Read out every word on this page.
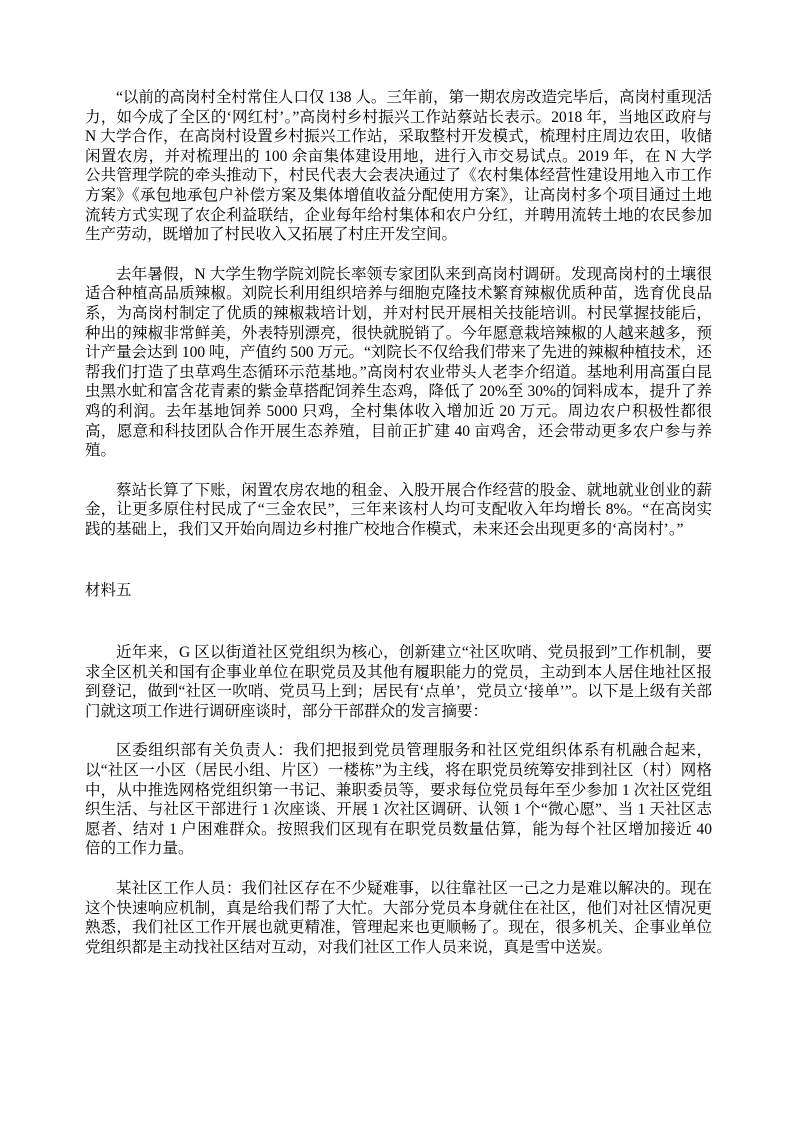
“以前的高岗村全村常住人口仅 138 人。三年前，第一期农房改造完毕后，高岗村重现活力，如今成了全区的‘网红村’。”高岗村乡村振兴工作站蔡站长表示。2018 年，当地区政府与 N 大学合作，在高岗村设置乡村振兴工作站，采取整村开发模式，梳理村庄周边农田，收储闲置农房，并对梳理出的 100 余亩集体建设用地，进行入市交易试点。2019 年，在 N 大学公共管理学院的牵头推动下，村民代表大会表决通过了《农村集体经营性建设用地入市工作方案》《承包地承包户补偿方案及集体增值收益分配使用方案》，让高岗村多个项目通过土地流转方式实现了农企利益联结，企业每年给村集体和农户分红，并聘用流转土地的农民参加生产劳动，既增加了村民收入又拓展了村庄开发空间。

去年暑假，N 大学生物学院刘院长率领专家团队来到高岗村调研。发现高岗村的土壤很适合种植高品质辣椒。刘院长利用组织培养与细胞克隆技术繁育辣椒优质种苗，选育优良品系，为高岗村制定了优质的辣椒栽培计划，并对村民开展相关技能培训。村民掌握技能后，种出的辣椒非常鲜美，外表特别漂亮，很快就脱销了。今年愿意栽培辣椒的人越来越多，预计产量会达到 100 吨，产值约 500 万元。“刘院长不仅给我们带来了先进的辣椒种植技术，还帮我们打造了虫草鸡生态循环示范基地。”高岗村农业带头人老李介绍道。基地利用高蛋白昆虫黑水虻和富含花青素的紫金草搭配饲养生态鸡，降低了 20%至 30%的饲料成本，提升了养鸡的利润。去年基地饲养 5000 只鸡，全村集体收入增加近 20 万元。周边农户积极性都很高，愿意和科技团队合作开展生态养殖，目前正扩建 40 亩鸡舍，还会带动更多农户参与养殖。

蔡站长算了下账，闲置农房农地的租金、入股开展合作经营的股金、就地就业创业的薪金，让更多原住村民成了“三金农民”，三年来该村人均可支配收入年均增长 8%。“在高岗实践的基础上，我们又开始向周边乡村推广校地合作模式，未来还会出现更多的‘高岗村’。”

材料五

近年来，G 区以街道社区党组织为核心，创新建立“社区吹哨、党员报到”工作机制，要求全区机关和国有企事业单位在职党员及其他有履职能力的党员，主动到本人居住地社区报到登记，做到“社区一吹哨、党员马上到；居民有‘点单’，党员立‘接单’”。以下是上级有关部门就这项工作进行调研座谈时，部分干部群众的发言摘要：

区委组织部有关负责人：我们把报到党员管理服务和社区党组织体系有机融合起来，以“社区一小区（居民小组、片区）一楼栋”为主线，将在职党员统筹安排到社区（村）网格中，从中推选网格党组织第一书记、兼职委员等，要求每位党员每年至少参加 1 次社区党组织生活、与社区干部进行 1 次座谈、开展 1 次社区调研、认领 1 个“微心愿”、当 1 天社区志愿者、结对 1 户困难群众。按照我们区现有在职党员数量估算，能为每个社区增加接近 40 倍的工作力量。

某社区工作人员：我们社区存在不少疑难事，以往靠社区一己之力是难以解决的。现在这个快速响应机制，真是给我们帮了大忙。大部分党员本身就住在社区，他们对社区情况更熟悉，我们社区工作开展也就更精准，管理起来也更顺畅了。现在，很多机关、企事业单位党组织都是主动找社区结对互动，对我们社区工作人员来说，真是雪中送炭。
